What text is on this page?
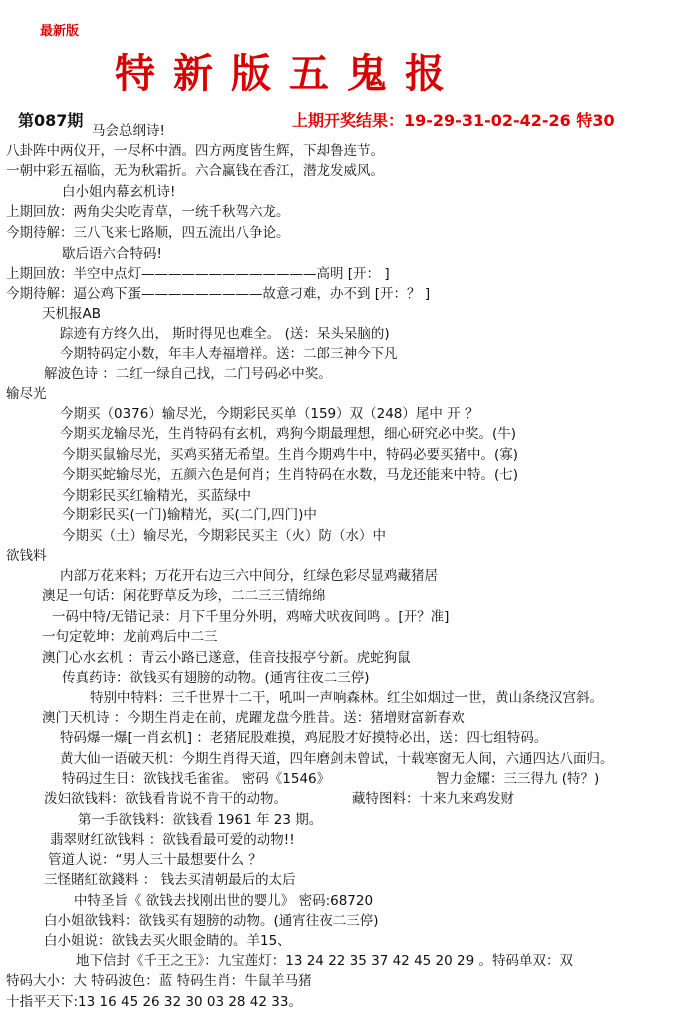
最新版
特新版五鬼报
第087期	上期开奖结果：19-29-31-02-42-26 特30
马会总纲诗!
八卦阵中两仪开，一尽杯中酒。四方两度皆生辉，下却鲁连节。
一朝中彩五福临，无为秋霜折。六合赢钱在香江，潜龙发威风。
白小姐内幕玄机诗!
上期回放：两角尖尖吃青草，一统千秋驾六龙。
今期待解：三八飞来七路顺，四五流出八争论。
歇后语六合特码!
上期回放：半空中点灯—————————————高明 [开： ]
今期待解：逼公鸡下蛋—————————故意刁难，办不到 [开：？ ]
天机报AB
踪迹有方终久出， 斯时得见也难全。 (送：呆头呆脑的)
今期特码定小数，年丰人寿福增祥。送：二郎三神今下凡
解波色诗 ：二红一绿自己找，二门号码必中奖。
输尽光
今期买（0376）输尽光，今期彩民买单（159）双（248）尾中 开 ？
今期买龙输尽光，生肖特码有玄机，鸡狗今期最理想，细心研究必中奖。(牛)
今期买鼠输尽光，买鸡买猪无希望。生肖今期鸡牛中，特码必要买猪中。(寡)
今期买蛇输尽光，五颜六色是何肖；生肖特码在水数，马龙还能来中特。(七)
今期彩民买红输精光，买蓝绿中
今期彩民买(一门)输精光，买(二门,四门)中
今期买（土）输尽光，今期彩民买主（火）防（水）中
欲钱料
内部万花来料；万花开右边三六中间分，红绿色彩尽显鸡藏猪居
澳足一句话：闲花野草反为珍，二二三三情绵绵
一码中特/无错记录：月下千里分外明，鸡啼犬吠夜间鸣 。[开？准]
一句定乾坤：龙前鸡后中二三
澳门心水玄机 ：青云小路已遂意，佳音技报亭兮新。虎蛇狗鼠
传真药诗：欲钱买有翅膀的动物。(通宵往夜二三停)
特别中特料：三千世界十二干，吼叫一声响森林。红尘如烟过一世，黄山条绕汉宫斜。
澳门天机诗 ：今期生肖走在前，虎躍龙盘今胜昔。送：猪增财富新春欢
特码爆一爆[一肖玄机] ：老猪屁股难摸，鸡屁股才好摸特必出，送：四七组特码。
黄大仙一语破天机：今期生肖得天道，四年磨剑未曾试，十载寒窗无人间，六通四达八面归。
特码过生日：欲钱找毛雀雀。 密码《1546》	智力金耀：三三得九 (特？)
泼妇欲钱料：欲钱看肯说不肯干的动物。	藏特图料：十来九来鸡发财
第一手欲钱料：欲钱看 1961 年 23 期。
翡翠财红欲钱料 ：欲钱看最可爱的动物!!
管道人说：“男人三十最想要什么 ？
三怪賭紅欲錢料 ： 钱去买清朝最后的太后
中特圣旨《 欲钱去找刚出世的婴儿》 密码:68720
白小姐欲钱料：欲钱买有翅膀的动物。(通宵往夜二三停)
白小姐说：欲钱去买火眼金睛的。羊15、
地下信封《千王之王》：九宝莲灯：13 24 22 35 37 42 45 20 29 。特码单双：双
特码大小：大 特码波色：蓝 特码生肖：牛鼠羊马猪
十指平天下:13 16 45 26 32 30 03 28 42 33。
